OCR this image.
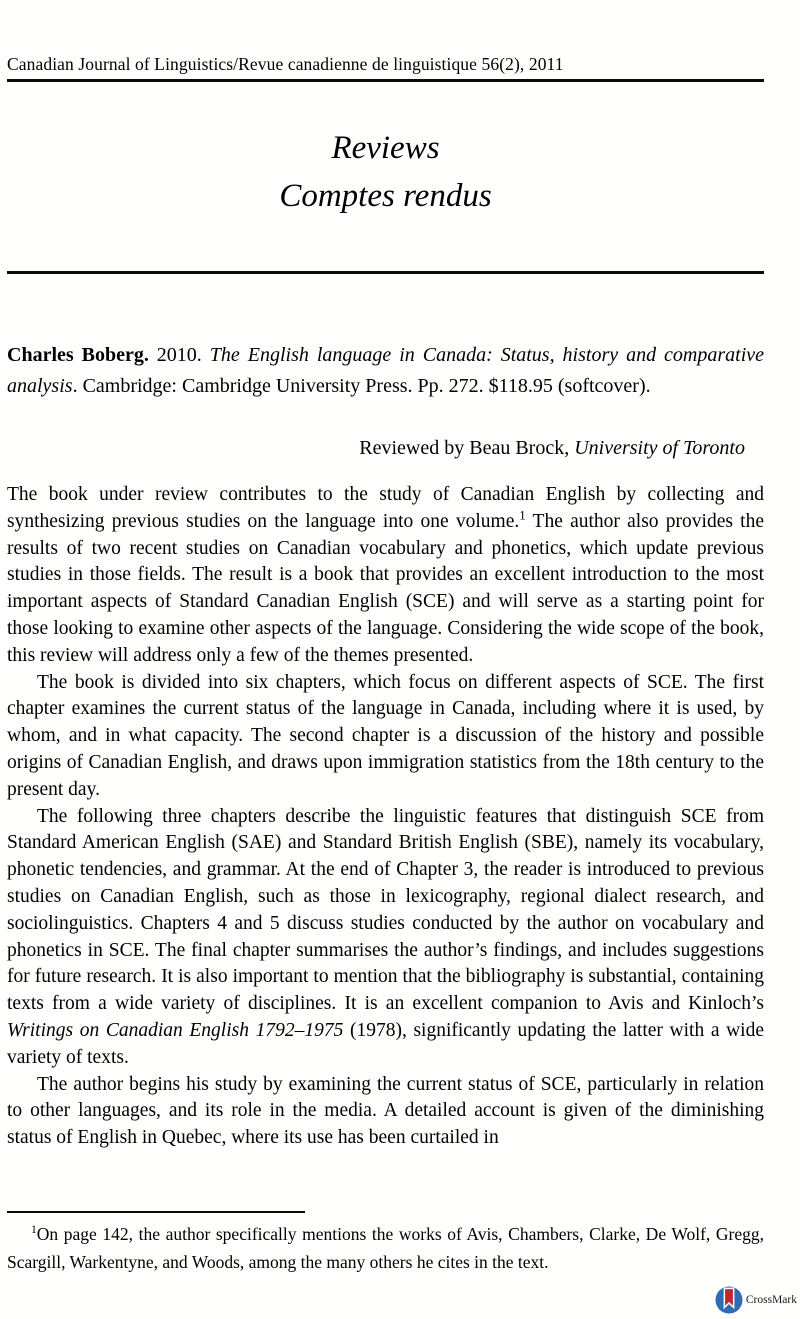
Canadian Journal of Linguistics/Revue canadienne de linguistique 56(2), 2011
Reviews
Comptes rendus

Charles Boberg. 2010. The English language in Canada: Status, history and comparative analysis. Cambridge: Cambridge University Press. Pp. 272. $118.95 (softcover).

Reviewed by Beau Brock, University of Toronto

The book under review contributes to the study of Canadian English by collecting and synthesizing previous studies on the language into one volume.$^1$ The author also provides the results of two recent studies on Canadian vocabulary and phonetics, which update previous studies in those fields. The result is a book that provides an excellent introduction to the most important aspects of Standard Canadian English (SCE) and will serve as a starting point for those looking to examine other aspects of the language. Considering the wide scope of the book, this review will address only a few of the themes presented.

The book is divided into six chapters, which focus on different aspects of SCE. The first chapter examines the current status of the language in Canada, including where it is used, by whom, and in what capacity. The second chapter is a discussion of the history and possible origins of Canadian English, and draws upon immigration statistics from the 18th century to the present day.

The following three chapters describe the linguistic features that distinguish SCE from Standard American English (SAE) and Standard British English (SBE), namely its vocabulary, phonetic tendencies, and grammar. At the end of Chapter 3, the reader is introduced to previous studies on Canadian English, such as those in lexicography, regional dialect research, and sociolinguistics. Chapters 4 and 5 discuss studies conducted by the author on vocabulary and phonetics in SCE. The final chapter summarises the author’s findings, and includes suggestions for future research. It is also important to mention that the bibliography is substantial, containing texts from a wide variety of disciplines. It is an excellent companion to Avis and Kinloch’s Writings on Canadian English 1792–1975 (1978), significantly updating the latter with a wide variety of texts.

The author begins his study by examining the current status of SCE, particularly in relation to other languages, and its role in the media. A detailed account is given of the diminishing status of English in Quebec, where its use has been curtailed in

$^1$On page 142, the author specifically mentions the works of Avis, Chambers, Clarke, De Wolf, Gregg, Scargill, Warkentyne, and Woods, among the many others he cites in the text.

CrossMark
